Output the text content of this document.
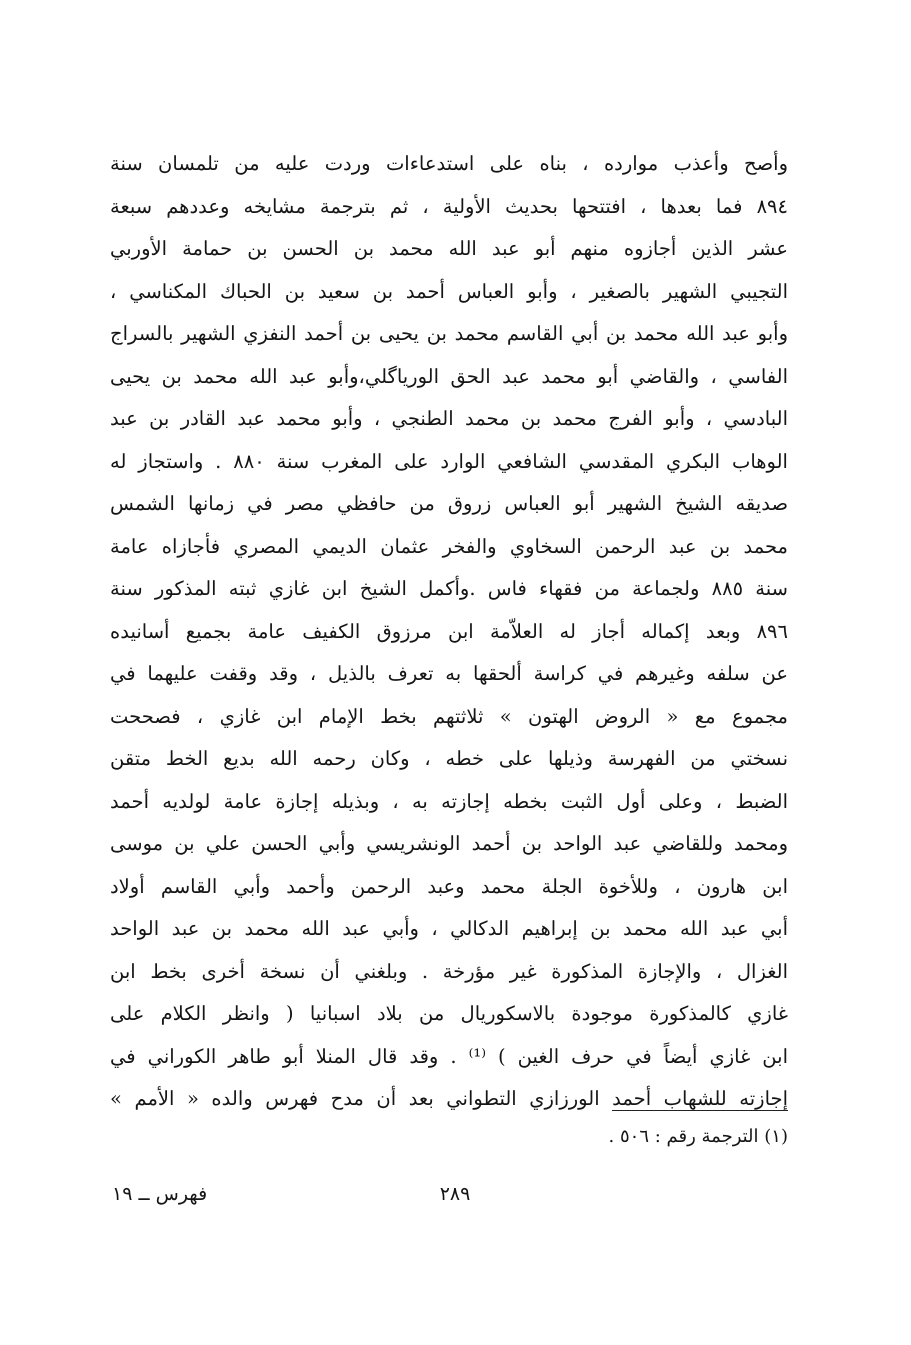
وأصح وأعذب موارده ، بناه على استدعاءات وردت عليه من تلمسان سنة
٨٩٤ فما بعدها ، افتتحها بحديث الأولية ، ثم بترجمة مشايخه وعددهم سبعة
عشر الذين أجازوه منهم أبو عبد الله محمد بن الحسن بن حمامة الأوربي
التجيبي الشهير بالصغير ، وأبو العباس أحمد بن سعيد بن الحباك المكناسي ،
وأبو عبد الله محمد بن أبي القاسم محمد بن يحيى بن أحمد النفزي الشهير بالسراج
الفاسي ، والقاضي أبو محمد عبد الحق الورياگلي،وأبو عبد الله محمد بن يحيى
البادسي ، وأبو الفرج محمد بن محمد الطنجي ، وأبو محمد عبد القادر بن عبد
الوهاب البكري المقدسي الشافعي الوارد على المغرب سنة ٨٨٠ . واستجاز له
صديقه الشيخ الشهير أبو العباس زروق من حافظي مصر في زمانها الشمس
محمد بن عبد الرحمن السخاوي والفخر عثمان الديمي المصري فأجازاه عامة
سنة ٨٨٥ ولجماعة من فقهاء فاس .وأكمل الشيخ ابن غازي ثبته المذكور سنة
٨٩٦ وبعد إكماله أجاز له العلاّمة ابن مرزوق الكفيف عامة بجميع أسانيده
عن سلفه وغيرهم في كراسة ألحقها به تعرف بالذيل ، وقد وقفت عليهما في
مجموع مع « الروض الهتون » ثلاثتهم بخط الإمام ابن غازي ، فصححت
نسختي من الفهرسة وذيلها على خطه ، وكان رحمه الله بديع الخط متقن
الضبط ، وعلى أول الثبت بخطه إجازته به ، وبذيله إجازة عامة لولديه أحمد
ومحمد وللقاضي عبد الواحد بن أحمد الونشريسي وأبي الحسن علي بن موسى
ابن هارون ، وللأخوة الجلة محمد وعبد الرحمن وأحمد وأبي القاسم أولاد
أبي عبد الله محمد بن إبراهيم الدكالي ، وأبي عبد الله محمد بن عبد الواحد
الغزال ، والإجازة المذكورة غير مؤرخة . وبلغني أن نسخة أخرى بخط ابن
غازي كالمذكورة موجودة بالاسكوريال من بلاد اسبانيا ( وانظر الكلام على
ابن غازي أيضاً في حرف الغين ) ⁽¹⁾ . وقد قال المنلا أبو طاهر الكوراني في
إجازته للشهاب أحمد الورزازي التطواني بعد أن مدح فهرس والده « الأمم »
(١) الترجمة رقم : ٥٠٦ .
٢٨٩
فهرس ــ ١٩
